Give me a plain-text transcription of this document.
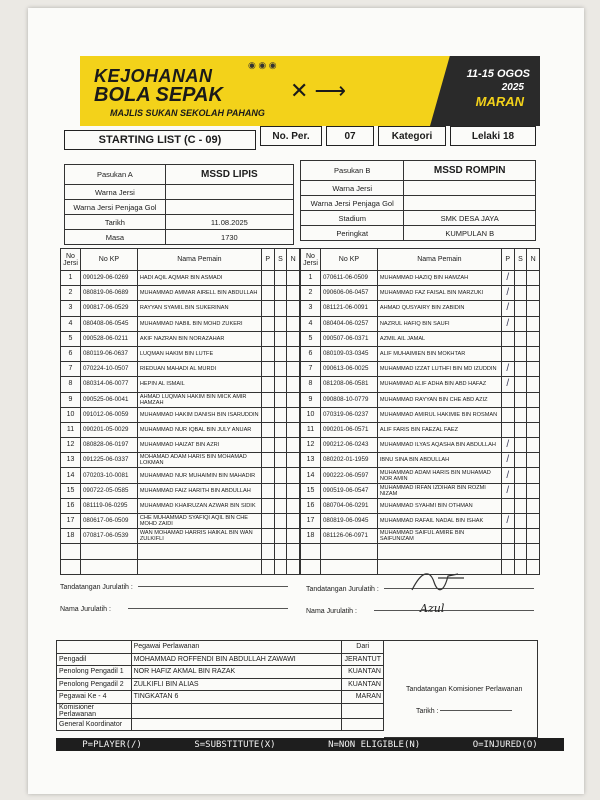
KEJOHANAN
BOLA SEPAK
MAJLIS SUKAN SEKOLAH PAHANG
◉ ◉ ◉
✕ ⟶
11-15 OGOS
2025
MARAN
STARTING LIST (C - 09)	No. Per.	07	Kategori	Lelaki 18
Pasukan A	MSSD LIPIS
Warna Jersi	
Warna Jersi Penjaga Gol	
Tarikh	11.08.2025
Masa	1730
Pasukan B	MSSD ROMPIN
Warna Jersi	
Warna Jersi Penjaga Gol	
Stadium	SMK DESA JAYA
Peringkat	KUMPULAN B
No Jersi	No KP	Nama Pemain	P	S	N
1	090129-06-0269	HADI AQIL AQMAR BIN ASMADI			
2	080819-06-0689	MUHAMMAD AMMAR AIRELL BIN ABDULLAH			
3	090817-06-0529	RAYYAN SYAMIL BIN SUKERINAN			
4	080408-06-0545	MUHAMMAD NABIL BIN MOHD ZUKERI			
5	090528-06-0211	AKIF NAZRAN BIN NORAZAHAR			
6	080119-06-0637	LUQMAN HAKIM BIN LUTFE			
7	070224-10-0507	RIEDUAN MAHADI AL MURDI			
8	080314-06-0077	HEPIN AL ISMAIL			
9	090525-06-0041	AHMAD LUQMAN HAKIM BIN MICK AMIR HAMZAH			
10	091012-06-0059	MUHAMMAD HAKIM DANISH BIN ISARUDDIN			
11	090201-05-0029	MUHAMMAD NUR IQBAL BIN JULY ANUAR			
12	080828-06-0197	MUHAMMAD HAIZAT BIN AZRI			
13	091225-06-0337	MOHAMAD ADAM HARIS BIN MOHAMAD LOKMAN			
14	070203-10-0081	MUHAMMAD NUR MUHAIMIN BIN MAHADIR			
15	090722-05-0585	MUHAMMAD FAIZ HARITH BIN ABDULLAH			
16	081119-06-0295	MUHAMMAD KHAIRUZAN AZWAR BIN SIDIK			
17	080617-06-0509	CHE MUHAMMAD SYAFIQI AQIL BIN CHE MOHD ZAIDI			
18	070817-06-0539	WAN MOHAMAD HARRIS HAIKAL BIN WAN ZULKIFLI			

No Jersi	No KP	Nama Pemain	P	S	N
1	070611-06-0509	MUHAMMAD HAZIQ BIN HAMZAH	/		
2	090606-06-0457	MUHAMMAD FAZ FAISAL BIN MARZUKI	/		
3	081121-06-0091	AHMAD QUSYAIRY BIN ZABIDIN	/		
4	080404-06-0257	NAZRUL HAFIQ BIN SAUFI	/		
5	090507-06-0371	AZMIL AIL JAMAL			
6	080109-03-0345	ALIF MUHAIMIEN BIN MOKHTAR			
7	090613-06-0025	MUHAMMAD IZZAT LUTHFI BIN MD IZUDDIN	/		
8	081208-06-0581	MUHAMMAD ALIF ADHA BIN ABD HAFAZ	/		
9	090808-10-0779	MUHAMMAD RAYYAN BIN CHE ABD AZIZ			
10	070319-06-0237	MUHAMMAD AMIRUL HAKIMIE BIN ROSMAN			
11	090201-06-0571	ALIF FARIS BIN FAEZAL FAEZ			
12	090212-06-0243	MUHAMMAD ILYAS AQASHA BIN ABDULLAH	/		
13	080202-01-1959	IBNU SINA BIN ABDULLAH	/		
14	090222-06-0597	MUHAMMAD ADAM HARIS BIN MUHAMAD NOR AMIN	/		
15	090519-06-0547	MUHAMMAD IRFAN IZDIHAR BIN ROZMI NIZAM	/		
16	080704-06-0291	MUHAMMAD SYAHMI BIN OTHMAN			
17	080819-06-0945	MUHAMMAD RAFAIL NADAL BIN ISHAK	/		
18	081126-06-0971	MUHAMMAD SAIFUL AMIRE BIN SAIFUNIZAM			

Tandatangan Jurulatih :
Nama Jurulatih :
Tandatangan Jurulatih :
Nama Jurulatih :	Azul
	Pegawai Perlawanan	Dari
Pengadil	MOHAMMAD ROFFENDI BIN ABDULLAH ZAWAWI	JERANTUT
Penolong Pengadil 1	NOR HAFIZ AKMAL BIN RAZAK	KUANTAN
Penolong Pengadil 2	ZULKIFLI BIN ALIAS	KUANTAN
Pegawai Ke - 4	TINGKATAN 6	MARAN
Komisioner Perlawanan		
General Koordinator		
Tandatangan Komisioner Perlawanan
Tarikh :
P=PLAYER(/)	S=SUBSTITUTE(X)	N=NON ELIGIBLE(N)	O=INJURED(O)
